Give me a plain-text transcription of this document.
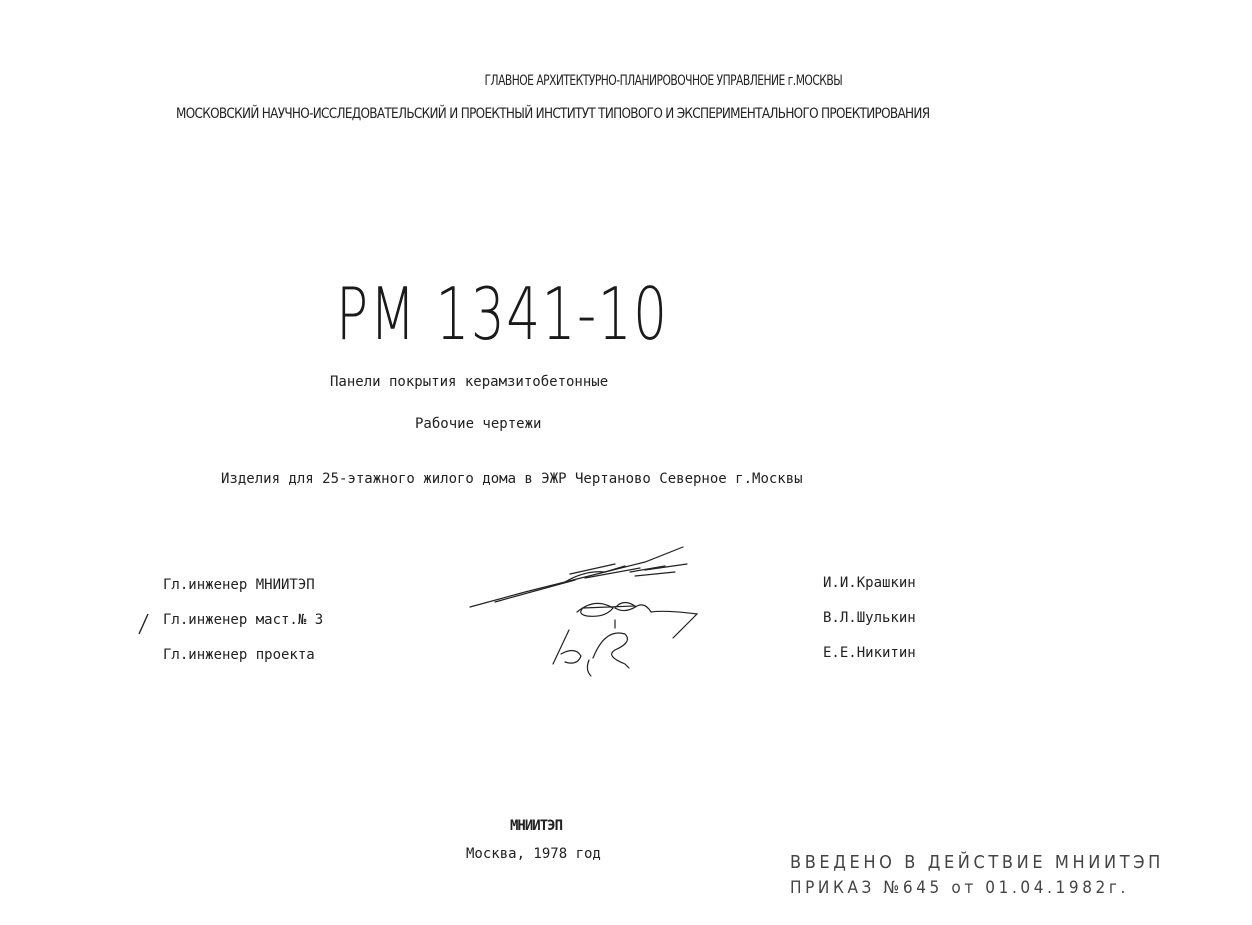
ГЛАВНОЕ АРХИТЕКТУРНО-ПЛАНИРОВОЧНОЕ УПРАВЛЕНИЕ г.МОСКВЫ
МОСКОВСКИЙ НАУЧНО-ИССЛЕДОВАТЕЛЬСКИЙ И ПРОЕКТНЫЙ ИНСТИТУТ ТИПОВОГО И ЭКСПЕРИМЕНТАЛЬНОГО ПРОЕКТИРОВАНИЯ
РМ 1341-10
Панели покрытия керамзитобетонные
Рабочие чертежи
Изделия для 25-этажного жилого дома в ЭЖР Чертаново Северное г.Москвы
Гл.инженер МНИИТЭП
Гл.инженер маст.№ 3
Гл.инженер проекта
И.И.Крашкин
В.Л.Шулькин
Е.Е.Никитин
МНИИТЭП
Москва, 1978 год	ВВЕДЕНО В ДЕЙСТВИЕ МНИИТЭП
ПРИКАЗ №645 от 01.04.1982г.
